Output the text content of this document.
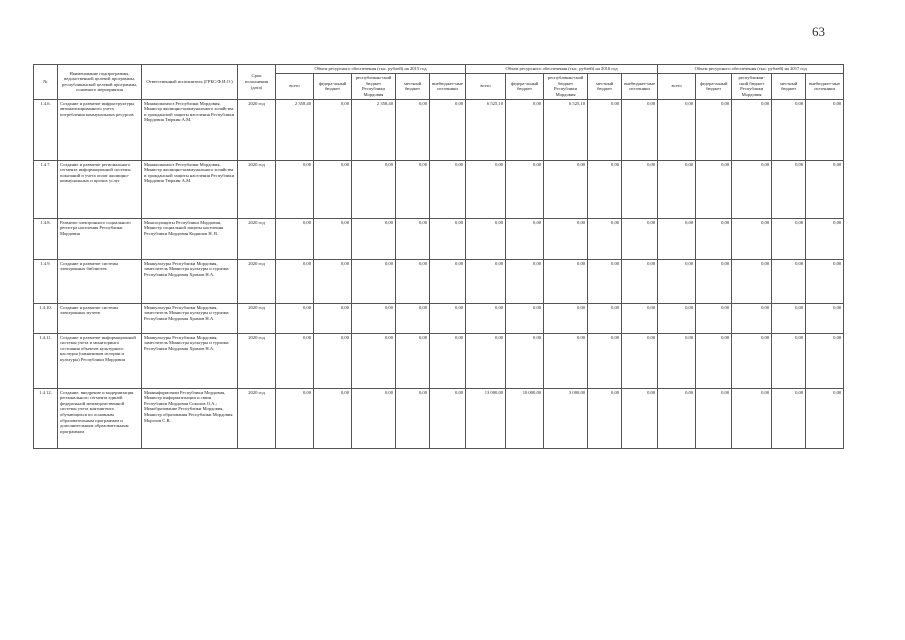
63
№	Наименование подпрограммы, ведомственной целевой программы, республиканской целевой программы, основного мероприятия	Ответственный исполнитель (ГРБС/Ф.И.О.)	Срок исполнения (дата)	Объем ресурсного обеспечения (тыс. рублей) на 2015 год					Объем ресурсного обеспечения (тыс. рублей) на 2016 год					Объем ресурсного обеспечения (тыс. рублей) на 2017 год				
				всего	федера-льный бюджет	республикан-ский бюджет Республики Мордовия	местный бюджет	внебюджет-ные источники	всего	федера-льный бюджет	республикан-ский бюджет Республики Мордовия	местный бюджет	внебюджет-ные источники	всего	федера-льный бюджет	республикан-ский бюджет Республики Мордовия	местный бюджет	внебюджет-ные источники
1.4.6.	Создание и развитие инфраструктуры автоматизированного учета потребления коммунальных ресурсов	Минжилкомхоз Республики Мордовия, Министр жилищно-коммунального хозяйства и гражданской защиты населения Республики Мордовия Тюркин А.М.	2020 год	2 358,40	0,00	2 358,40	0,00	0,00	6 525,10	0,00	6 525,10	0,00	0,00	0,00	0,00	0,00	0,00	0,00
1.4.7.	Создание и развитие регионального сегмента информационной системы показаний и учета оплат жилищно-коммунальных и прочих услуг	Минжилкомхоз Республики Мордовия, Министр жилищно-коммунального хозяйства и гражданской защиты населения Республики Мордовия Тюркин А.М.	2020 год	0,00	0,00	0,00	0,00	0,00	0,00	0,00	0,00	0,00	0,00	0,00	0,00	0,00	0,00	0,00
1.4.8.	Развитие электронного социального регистра населения Республики Мордовия	Минсоцзащиты Республики Мордовия, Министр социальной защиты населения Республики Мордовия Кидяшов Н. В.	2020 год	0,00	0,00	0,00	0,00	0,00	0,00	0,00	0,00	0,00	0,00	0,00	0,00	0,00	0,00	0,00
1.4.9.	Создание и развитие системы электронных библиотек	Минкультуры Республики Мордовия, заместитель Министра культуры и туризма Республики Мордовия Храмов Н.А.	2020 год	0,00	0,00	0,00	0,00	0,00	0,00	0,00	0,00	0,00	0,00	0,00	0,00	0,00	0,00	0,00
1.4.10.	Создание и развитие системы электронных музеев	Минкультуры Республики Мордовия, заместитель Министра культуры и туризма Республики Мордовия Храмов Н.А.	2020 год	0,00	0,00	0,00	0,00	0,00	0,00	0,00	0,00	0,00	0,00	0,00	0,00	0,00	0,00	0,00
1.4.11.	Создание и развитие информационной системы учета и мониторинга состояния объектов культурного наследия (памятников истории и культуры) Республики Мордовия	Минкультуры Республики Мордовия, заместитель Министра культуры и туризма Республики Мордовия Храмов Н.А.	2020 год	0,00	0,00	0,00	0,00	0,00	0,00	0,00	0,00	0,00	0,00	0,00	0,00	0,00	0,00	0,00
1.4.12.	Создание, внедрение и модернизация регионального сегмента единой федеральной межведомственной системы учета контингента обучающихся по основным образовательным программам и дополнительным образовательным программам	Мининформсвязи Республики Мордовия, Министр информатизации и связи Республики Мордовия Соколов О.А.; Минобразование Республики Мордовия, Министр образования Республики Мордовия Морозов С.В.	2020 год	0,00	0,00	0,00	0,00	0,00	13 000,00	10 000,00	3 000,00	0,00	0,00	0,00	0,00	0,00	0,00	0,00
